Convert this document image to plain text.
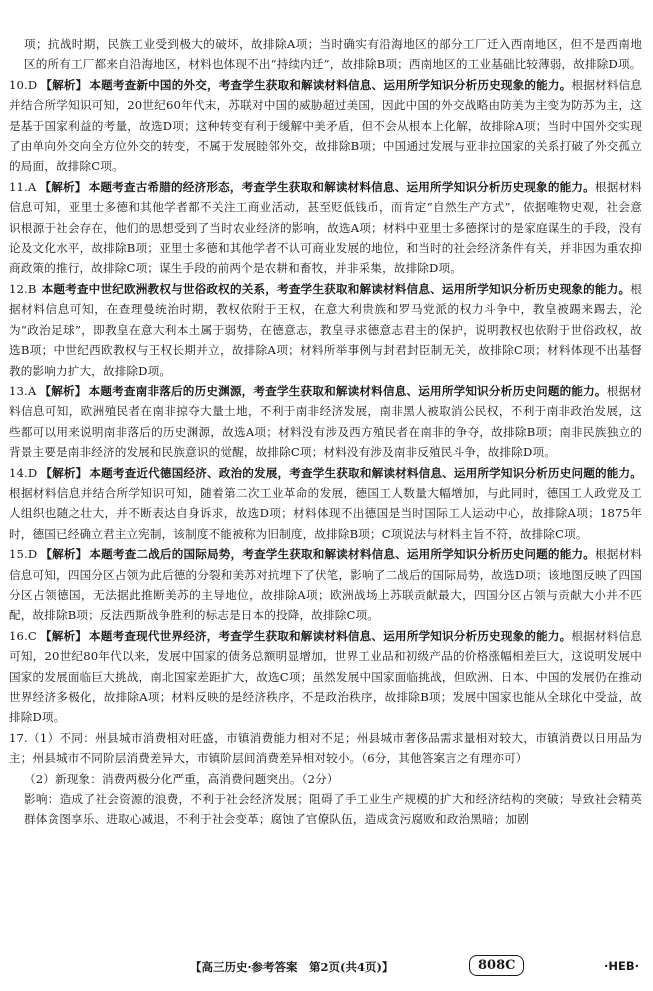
项；抗战时期，民族工业受到极大的破坏，故排除A项；当时确实有沿海地区的部分工厂迁入西南地区，但不是西南地区的所有工厂都来自沿海地区，材料也体现不出“持续内迁”，故排除B项；西南地区的工业基础比较薄弱，故排除D项。

10.D 【解析】 本题考查新中国的外交，考查学生获取和解读材料信息、运用所学知识分析历史现象的能力。根据材料信息并结合所学知识可知，20世纪60年代末，苏联对中国的威胁超过美国，因此中国的外交战略由防美为主变为防苏为主，这是基于国家利益的考量，故选D项；这种转变有利于缓解中美矛盾，但不会从根本上化解，故排除A项；当时中国外交实现了由单向外交向全方位外交的转变，不属于发展睦邻外交，故排除B项；中国通过发展与亚非拉国家的关系打破了外交孤立的局面，故排除C项。
11.A 【解析】 本题考查古希腊的经济形态，考查学生获取和解读材料信息、运用所学知识分析历史现象的能力。根据材料信息可知，亚里士多德和其他学者都不关注工商业活动，甚至贬低钱币，而肯定“自然生产方式”，依据唯物史观，社会意识根源于社会存在，他们的思想受到了当时农业经济的影响，故选A项；材料中亚里士多德探讨的是家庭谋生的手段，没有论及文化水平，故排除B项；亚里士多德和其他学者不认可商业发展的地位，和当时的社会经济条件有关，并非因为重农抑商政策的推行，故排除C项；谋生手段的前两个是农耕和畜牧，并非采集，故排除D项。
12.B 本题考查中世纪欧洲教权与世俗政权的关系，考查学生获取和解读材料信息、运用所学知识分析历史现象的能力。根据材料信息可知，在查理曼统治时期，教权依附于王权，在意大利贵族和罗马党派的权力斗争中，教皇被踢来踢去，沦为“政治足球”，即教皇在意大利本土属于弱势，在德意志，教皇寻求德意志君主的保护，说明教权也依附于世俗政权，故选B项；中世纪西欧教权与王权长期并立，故排除A项；材料所举事例与封君封臣制无关，故排除C项；材料体现不出基督教的影响力扩大，故排除D项。
13.A 【解析】 本题考查南非落后的历史渊源，考查学生获取和解读材料信息、运用所学知识分析历史问题的能力。根据材料信息可知，欧洲殖民者在南非掠夺大量土地，不利于南非经济发展，南非黑人被取消公民权，不利于南非政治发展，这些都可以用来说明南非落后的历史渊源，故选A项；材料没有涉及西方殖民者在南非的争夺，故排除B项；南非民族独立的背景主要是南非经济的发展和民族意识的觉醒，故排除C项；材料没有涉及南非反殖民斗争，故排除D项。
14.D 【解析】 本题考查近代德国经济、政治的发展，考查学生获取和解读材料信息、运用所学知识分析历史问题的能力。根据材料信息并结合所学知识可知，随着第二次工业革命的发展，德国工人数量大幅增加，与此同时，德国工人政党及工人组织也随之壮大，并不断表达自身诉求，故选D项；材料体现不出德国是当时国际工人运动中心，故排除A项；1875年时，德国已经确立君主立宪制，该制度不能被称为旧制度，故排除B项；C项说法与材料主旨不符，故排除C项。
15.D 【解析】 本题考查二战后的国际局势，考查学生获取和解读材料信息、运用所学知识分析历史问题的能力。根据材料信息可知，四国分区占领为此后德的分裂和美苏对抗埋下了伏笔，影响了二战后的国际局势，故选D项；该地图反映了四国分区占领德国，无法据此推断美苏的主导地位，故排除A项；欧洲战场上苏联贡献最大，四国分区占领与贡献大小并不匹配，故排除B项；反法西斯战争胜利的标志是日本的投降，故排除C项。
16.C 【解析】 本题考查现代世界经济，考查学生获取和解读材料信息、运用所学知识分析历史现象的能力。根据材料信息可知，20世纪80年代以来，发展中国家的债务总额明显增加，世界工业品和初级产品的价格涨幅相差巨大，这说明发展中国家的发展面临巨大挑战，南北国家差距扩大，故选C项；虽然发展中国家面临挑战，但欧洲、日本、中国的发展仍在推动世界经济多极化，故排除A项；材料反映的是经济秩序，不是政治秩序，故排除B项；发展中国家也能从全球化中受益，故排除D项。
17.（1）不同：州县城市消费相对旺盛，市镇消费能力相对不足；州县城市奢侈品需求量相对较大，市镇消费以日用品为主；州县城市不同阶层消费差异大，市镇阶层间消费差异相对较小。（6分，其他答案言之有理亦可）
（2）新现象：消费两极分化严重，高消费问题突出。（2分）
影响：造成了社会资源的浪费，不利于社会经济发展；阻碍了手工业生产规模的扩大和经济结构的突破；导致社会精英群体贪图享乐、进取心减退，不利于社会变革；腐蚀了官僚队伍，造成贪污腐败和政治黑暗；加剧
【高三历史·参考答案　第2页(共4页)】	808C	·HEB·
